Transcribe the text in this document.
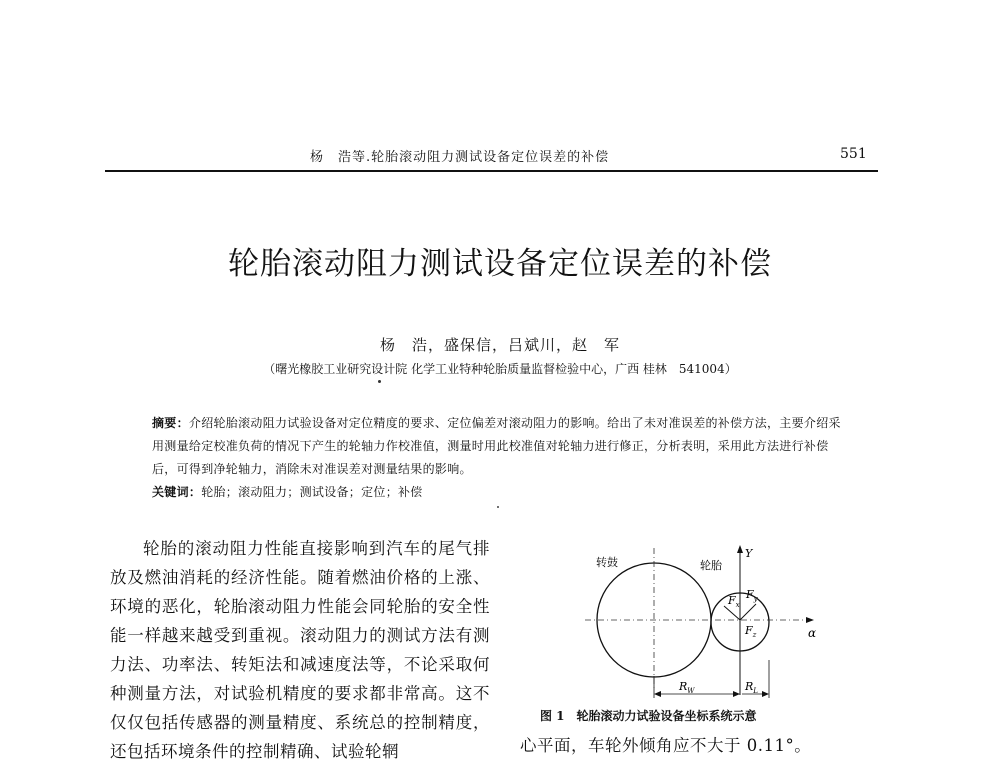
杨　浩等.轮胎滚动阻力测试设备定位误差的补偿	551
轮胎滚动阻力测试设备定位误差的补偿
杨　浩，盛保信，吕斌川，赵　军
（曙光橡胶工业研究设计院 化学工业特种轮胎质量监督检验中心，广西 桂林　541004）

摘要：介绍轮胎滚动阻力试验设备对定位精度的要求、定位偏差对滚动阻力的影响。给出了未对准误差的补偿方法，主要介绍采用测量给定校准负荷的情况下产生的轮轴力作校准值，测量时用此校准值对轮轴力进行修正，分析表明，采用此方法进行补偿后，可得到净轮轴力，消除未对准误差对测量结果的影响。

关键词：轮胎；滚动阻力；测试设备；定位；补偿

轮胎的滚动阻力性能直接影响到汽车的尾气排放及燃油消耗的经济性能。随着燃油价格的上涨、环境的恶化，轮胎滚动阻力性能会同轮胎的安全性能一样越来越受到重视。滚动阻力的测试方法有测力法、功率法、转矩法和减速度法等，不论采取何种测量方法，对试验机精度的要求都非常高。这不仅仅包括传感器的测量精度、系统总的控制精度，还包括环境条件的控制精确、试验轮辋

转鼓	轮胎
Y
α
$F_x$
$F_y$
$F_z$
$R_W$	$R_L$
图 1　轮胎滚动力试验设备坐标系统示意
心平面，车轮外倾角应不大于 0.11°。
